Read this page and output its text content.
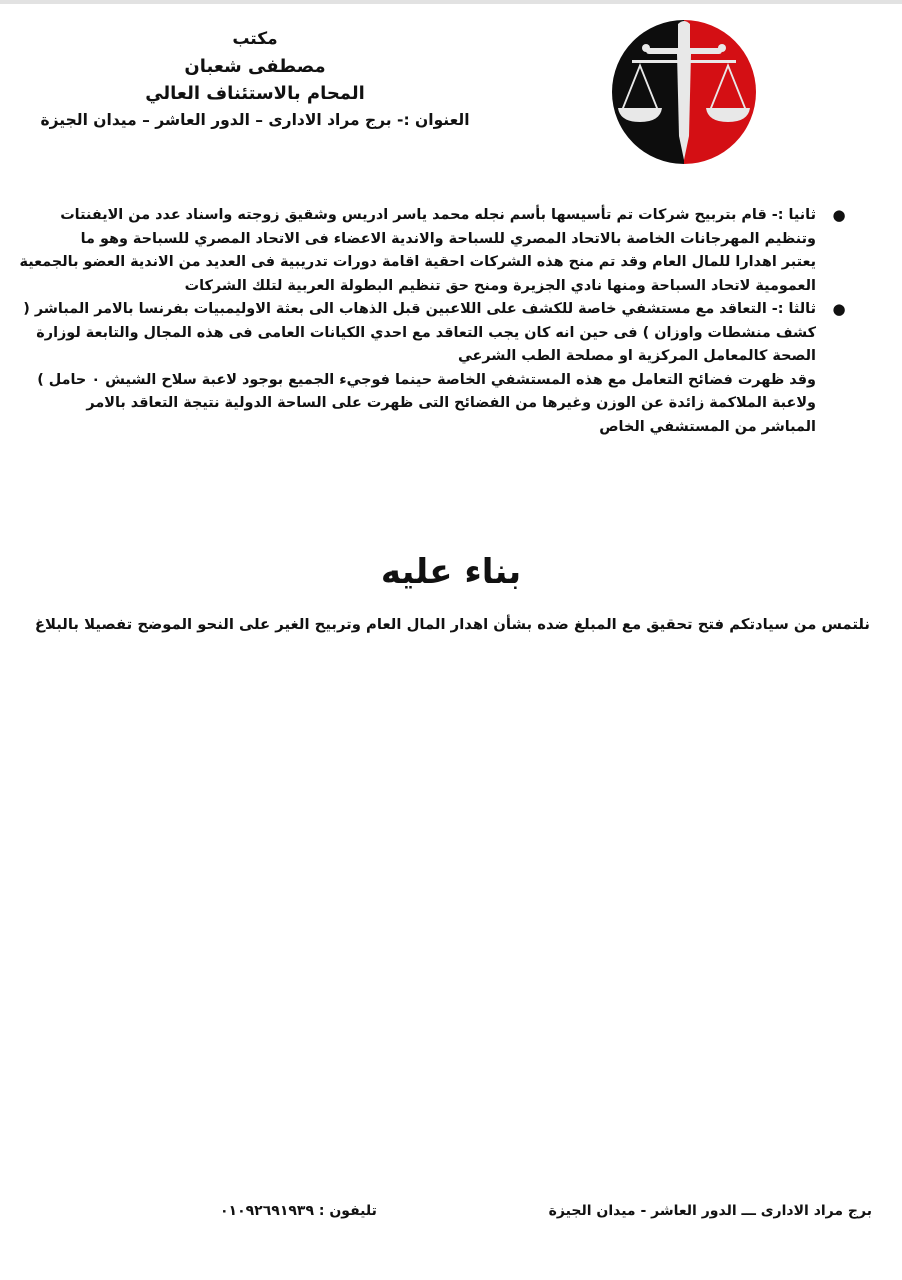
مكتب
مصطفى شعبان
المحام بالاستئناف العالي
العنوان :- برج مراد الادارى – الدور العاشر – ميدان الجيزة
●
ثانيا :- قام بتربيح شركات تم تأسيسها بأسم نجله محمد ياسر ادريس وشقيق زوجته واسناد عدد من الايفنتات
وتنظيم المهرجانات الخاصة بالاتحاد المصري للسباحة والاندية الاعضاء فى الاتحاد المصري للسباحة وهو ما
يعتبر اهدارا للمال العام وقد تم منح هذه الشركات احقية اقامة دورات تدريبية فى العديد من الاندية العضو بالجمعية
العمومية لاتحاد السباحة ومنها نادي الجزيرة ومنح حق تنظيم البطولة العربية لتلك الشركات
●
ثالثا :- التعاقد مع مستشفي خاصة للكشف على اللاعبين قبل الذهاب الى بعثة الاوليمبيات بفرنسا بالامر المباشر (
كشف منشطات واوزان ) فى حين انه كان يجب التعاقد مع احدي الكيانات العامى فى هذه المجال والتابعة لوزارة
الصحة كالمعامل المركزية او مصلحة الطب الشرعي
وقد ظهرت فضائح التعامل مع هذه المستشفي الخاصة حينما فوجيء الجميع بوجود لاعبة سلاح الشيش ٠ حامل )
ولاعبة الملاكمة زائدة عن الوزن وغيرها من الفضائح التى ظهرت على الساحة الدولية نتيجة التعاقد بالامر
المباشر من المستشفي الخاص
بناء عليه
نلتمس من سيادتكم فتح تحقيق مع المبلغ ضده بشأن اهدار المال العام وتربيح الغير على النحو الموضح تفصيلا بالبلاغ
برج مراد الادارى ـــ الدور العاشر - ميدان الجيزة
تليفون : ٠١٠٩٢٦٩١٩٣٩
